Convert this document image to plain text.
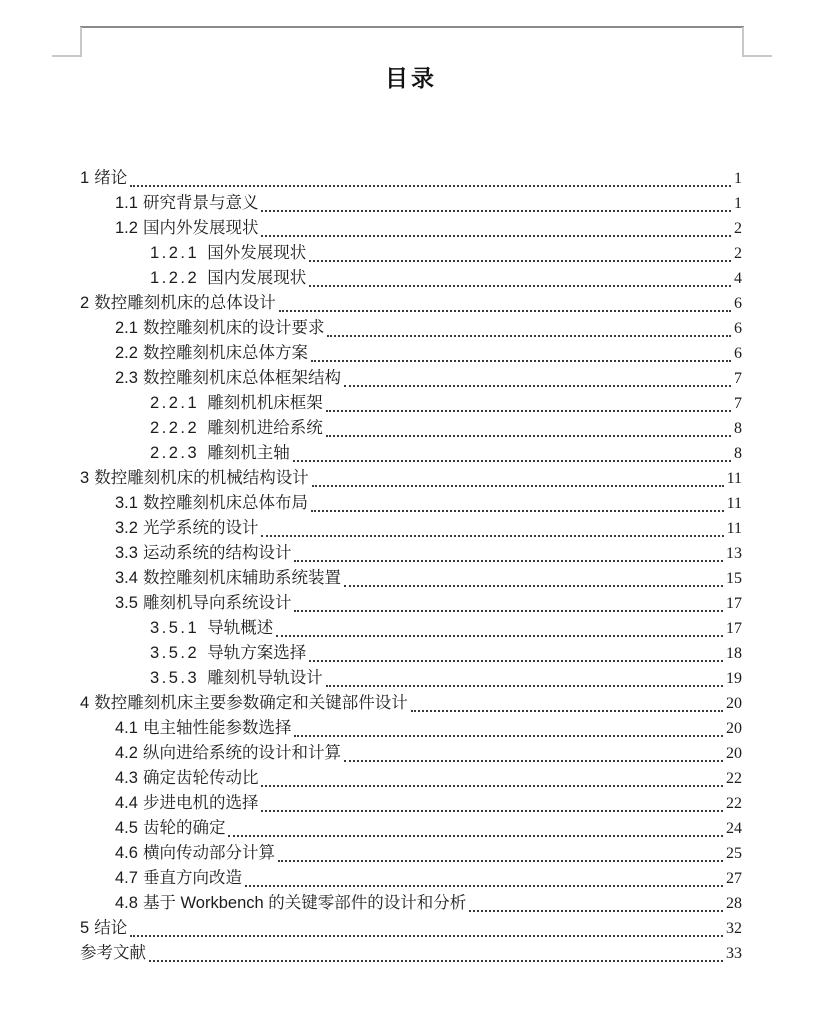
目录
1 绪论	1
1.1 研究背景与意义	1
1.2 国内外发展现状	2
1.2.1 国外发展现状	2
1.2.2 国内发展现状	4
2 数控雕刻机床的总体设计	6
2.1 数控雕刻机床的设计要求	6
2.2 数控雕刻机床总体方案	6
2.3 数控雕刻机床总体框架结构	7
2.2.1 雕刻机机床框架	7
2.2.2 雕刻机进给系统	8
2.2.3 雕刻机主轴	8
3 数控雕刻机床的机械结构设计	11
3.1 数控雕刻机床总体布局	11
3.2 光学系统的设计	11
3.3 运动系统的结构设计	13
3.4 数控雕刻机床辅助系统装置	15
3.5 雕刻机导向系统设计	17
3.5.1 导轨概述	17
3.5.2 导轨方案选择	18
3.5.3 雕刻机导轨设计	19
4 数控雕刻机床主要参数确定和关键部件设计	20
4.1 电主轴性能参数选择	20
4.2 纵向进给系统的设计和计算	20
4.3 确定齿轮传动比	22
4.4 步进电机的选择	22
4.5 齿轮的确定	24
4.6 横向传动部分计算	25
4.7 垂直方向改造	27
4.8 基于 Workbench 的关键零部件的设计和分析	28
5 结论	32
参考文献	33
